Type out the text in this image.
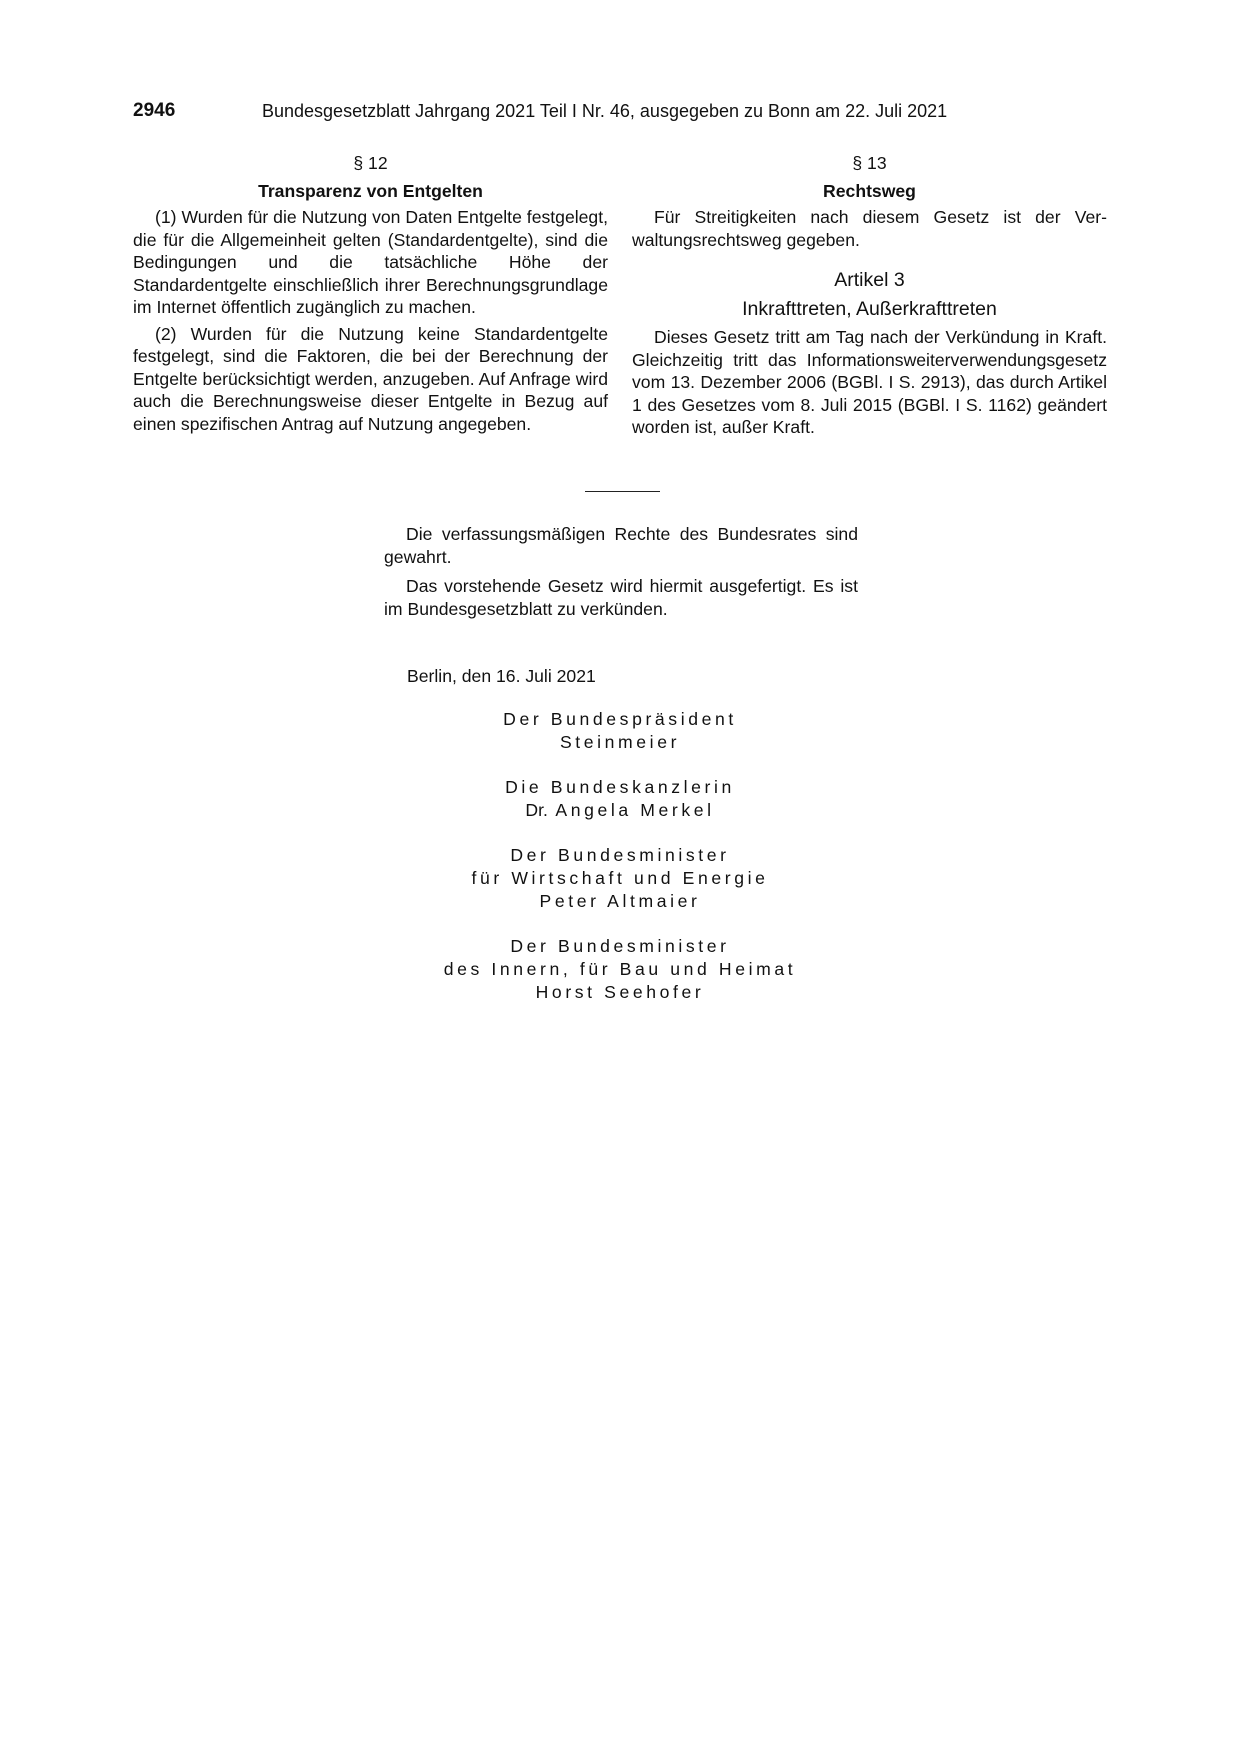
2946	Bundesgesetzblatt Jahrgang 2021 Teil I Nr. 46, ausgegeben zu Bonn am 22. Juli 2021
§ 12
Transparenz von Entgelten

(1) Wurden für die Nutzung von Daten Entgelte festgelegt, die für die Allgemeinheit gelten (Standardentgelte), sind die Bedingungen und die tatsächliche Höhe der Standardentgelte einschließlich ihrer Berechnungsgrundlage im Internet öffentlich zugänglich zu machen.

(2) Wurden für die Nutzung keine Standardentgelte festgelegt, sind die Faktoren, die bei der Berechnung der Entgelte berücksichtigt werden, anzugeben. Auf Anfrage wird auch die Berechnungsweise dieser Entgelte in Bezug auf einen spezifischen Antrag auf Nutzung angegeben.

§ 13
Rechtsweg

Für Streitigkeiten nach diesem Gesetz ist der Verwaltungsrechtsweg gegeben.

Artikel 3
Inkrafttreten, Außerkrafttreten

Dieses Gesetz tritt am Tag nach der Verkündung in Kraft. Gleichzeitig tritt das Informationsweiterverwendungsgesetz vom 13. Dezember 2006 (BGBl. I S. 2913), das durch Artikel 1 des Gesetzes vom 8. Juli 2015 (BGBl. I S. 1162) geändert worden ist, außer Kraft.

Die verfassungsmäßigen Rechte des Bundesrates sind gewahrt.

Das vorstehende Gesetz wird hiermit ausgefertigt. Es ist im Bundesgesetzblatt zu verkünden.

Berlin, den 16. Juli 2021
Der Bundespräsident
Steinmeier
Die Bundeskanzlerin
Dr. Angela Merkel
Der Bundesminister
für Wirtschaft und Energie
Peter Altmaier
Der Bundesminister
des Innern, für Bau und Heimat
Horst Seehofer
